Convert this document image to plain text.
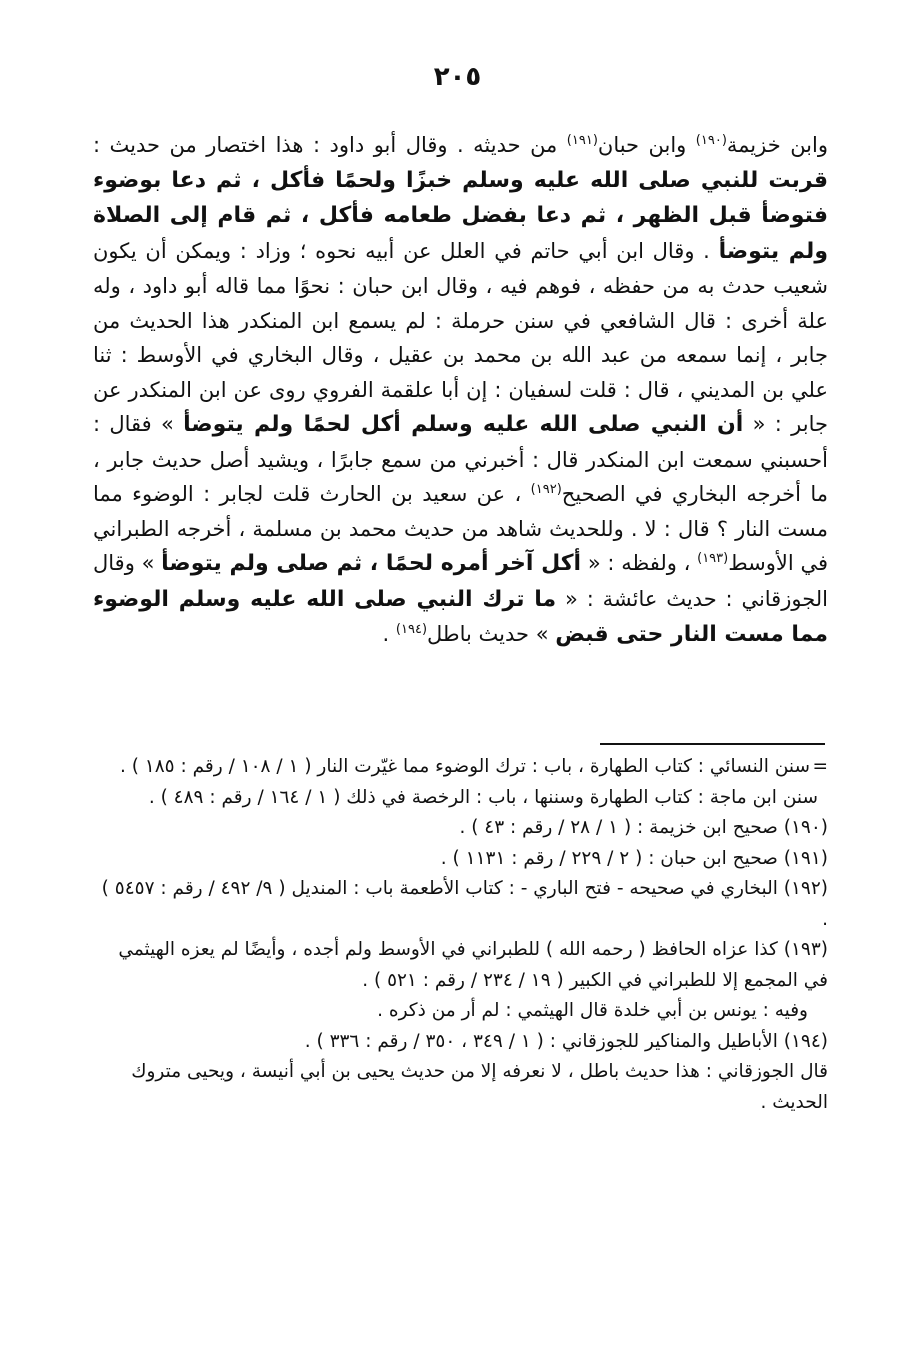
٢٠٥
وابن خزيمة$^{(١٩٠)}$ وابن حبان$^{(١٩١)}$ من حديثه . وقال أبو داود : هذا اختصار من حديث : قربت للنبي صلى الله عليه وسلم خبزًا ولحمًا فأكل ، ثم دعا بوضوء فتوضأ قبل الظهر ، ثم دعا بفضل طعامه فأكل ، ثم قام إلى الصلاة ولم يتوضأ . وقال ابن أبي حاتم في العلل عن أبيه نحوه ؛ وزاد : ويمكن أن يكون شعيب حدث به من حفظه ، فوهم فيه ، وقال ابن حبان : نحوًا مما قاله أبو داود ، وله علة أخرى : قال الشافعي في سنن حرملة : لم يسمع ابن المنكدر هذا الحديث من جابر ، إنما سمعه من عبد الله بن محمد بن عقيل ، وقال البخاري في الأوسط : ثنا علي بن المديني ، قال : قلت لسفيان : إن أبا علقمة الفروي روى عن ابن المنكدر عن جابر : « أن النبي صلى الله عليه وسلم أكل لحمًا ولم يتوضأ » فقال : أحسبني سمعت ابن المنكدر قال : أخبرني من سمع جابرًا ، ويشيد أصل حديث جابر ، ما أخرجه البخاري في الصحيح$^{(١٩٢)}$ ، عن سعيد بن الحارث قلت لجابر : الوضوء مما مست النار ؟ قال : لا . وللحديث شاهد من حديث محمد بن مسلمة ، أخرجه الطبراني في الأوسط$^{(١٩٣)}$ ، ولفظه : « أكل آخر أمره لحمًا ، ثم صلى ولم يتوضأ » وقال الجوزقاني : حديث عائشة : « ما ترك النبي صلى الله عليه وسلم الوضوء مما مست النار حتى قبض » حديث باطل$^{(١٩٤)}$ .

=سنن النسائي : كتاب الطهارة ، باب : ترك الوضوء مما غيّرت النار ( ١ / ١٠٨ / رقم : ١٨٥ ) .

سنن ابن ماجة : كتاب الطهارة وسننها ، باب : الرخصة في ذلك ( ١ / ١٦٤ / رقم : ٤٨٩ ) .

(١٩٠) صحيح ابن خزيمة : ( ١ / ٢٨ / رقم : ٤٣ ) .

(١٩١) صحيح ابن حبان : ( ٢ / ٢٢٩ / رقم : ١١٣١ ) .

(١٩٢) البخاري في صحيحه - فتح الباري - : كتاب الأطعمة باب : المنديل ( ٩/ ٤٩٢ / رقم : ٥٤٥٧ ) .

(١٩٣) كذا عزاه الحافظ ( رحمه الله ) للطبراني في الأوسط ولم أجده ، وأيضًا لم يعزه الهيثمي في المجمع إلا للطبراني في الكبير ( ١٩ / ٢٣٤ / رقم : ٥٢١ ) .

وفيه : يونس بن أبي خلدة قال الهيثمي : لم أر من ذكره .

(١٩٤) الأباطيل والمناكير للجوزقاني : ( ١ / ٣٤٩ ، ٣٥٠ / رقم : ٣٣٦ ) .

قال الجوزقاني : هذا حديث باطل ، لا نعرفه إلا من حديث يحيى بن أبي أنيسة ، ويحيى متروك الحديث .
